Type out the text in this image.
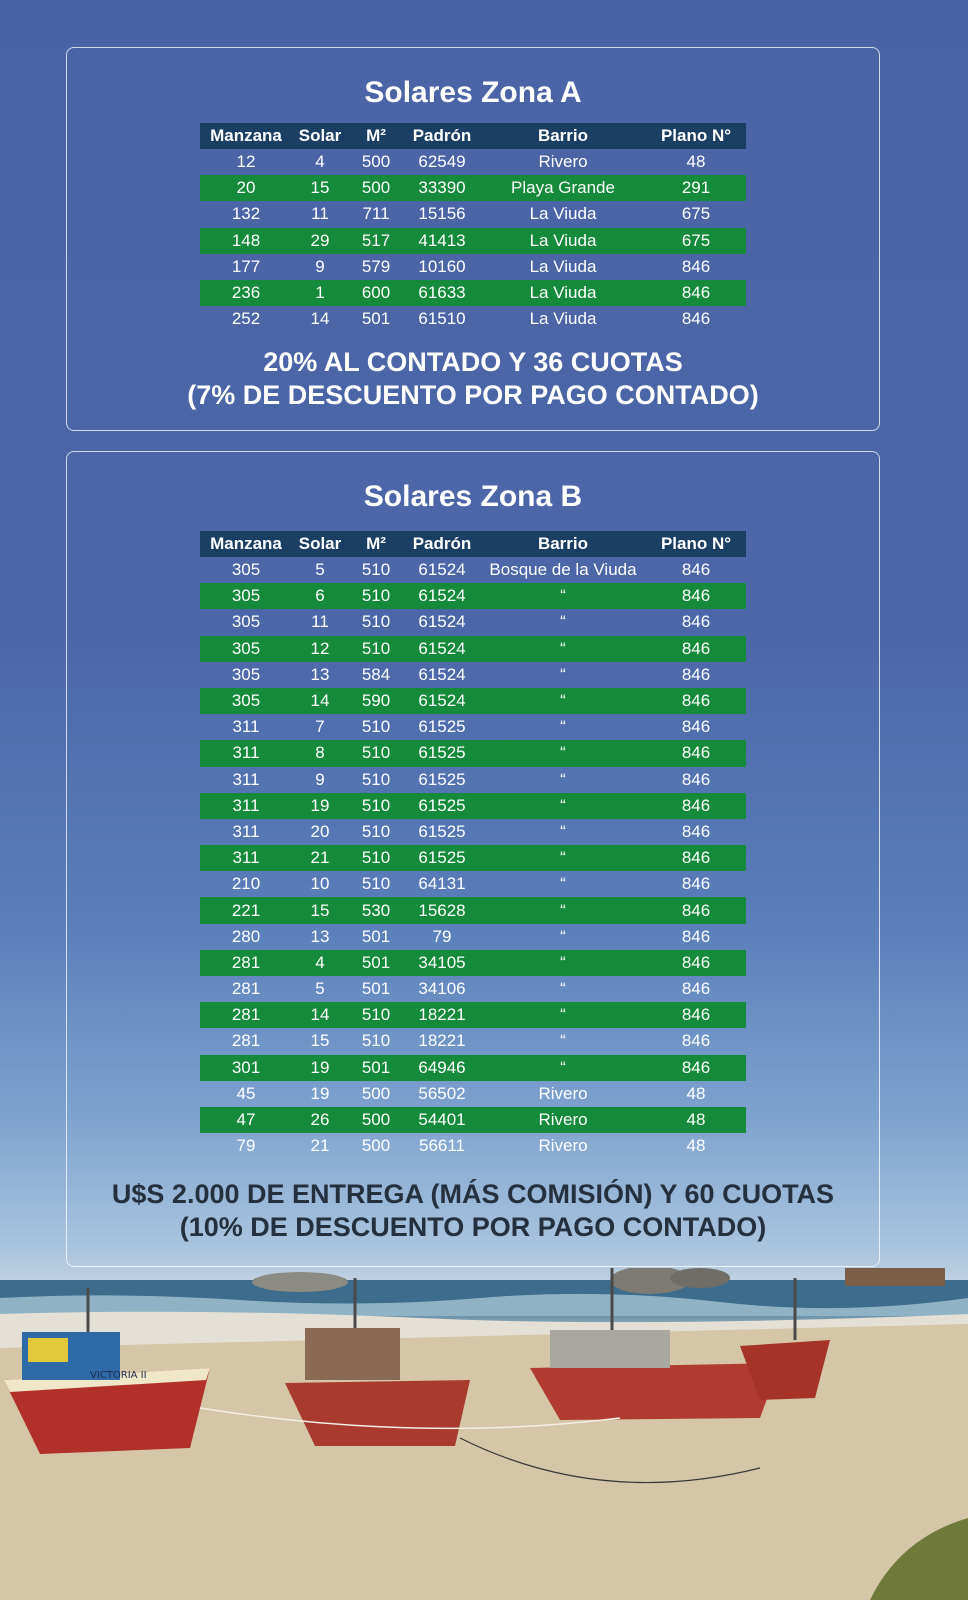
Solares Zona A
Manzana	Solar	M²	Padrón	Barrio	Plano N°
12	4	500	62549	Rivero	48
20	15	500	33390	Playa Grande	291
132	11	711	15156	La Viuda	675
148	29	517	41413	La Viuda	675
177	9	579	10160	La Viuda	846
236	1	600	61633	La Viuda	846
252	14	501	61510	La Viuda	846
20% AL CONTADO Y 36 CUOTAS
(7% DE DESCUENTO POR PAGO CONTADO)
Solares Zona B
Manzana	Solar	M²	Padrón	Barrio	Plano N°
305	5	510	61524	Bosque de la Viuda	846
305	6	510	61524	“	846
305	11	510	61524	“	846
305	12	510	61524	“	846
305	13	584	61524	“	846
305	14	590	61524	“	846
311	7	510	61525	“	846
311	8	510	61525	“	846
311	9	510	61525	“	846
311	19	510	61525	“	846
311	20	510	61525	“	846
311	21	510	61525	“	846
210	10	510	64131	“	846
221	15	530	15628	“	846
280	13	501	79	“	846
281	4	501	34105	“	846
281	5	501	34106	“	846
281	14	510	18221	“	846
281	15	510	18221	“	846
301	19	501	64946	“	846
45	19	500	56502	Rivero	48
47	26	500	54401	Rivero	48
79	21	500	56611	Rivero	48
U$S 2.000 DE ENTREGA (MÁS COMISIÓN) Y 60 CUOTAS
(10% DE DESCUENTO POR PAGO CONTADO)
VICTORIA II
